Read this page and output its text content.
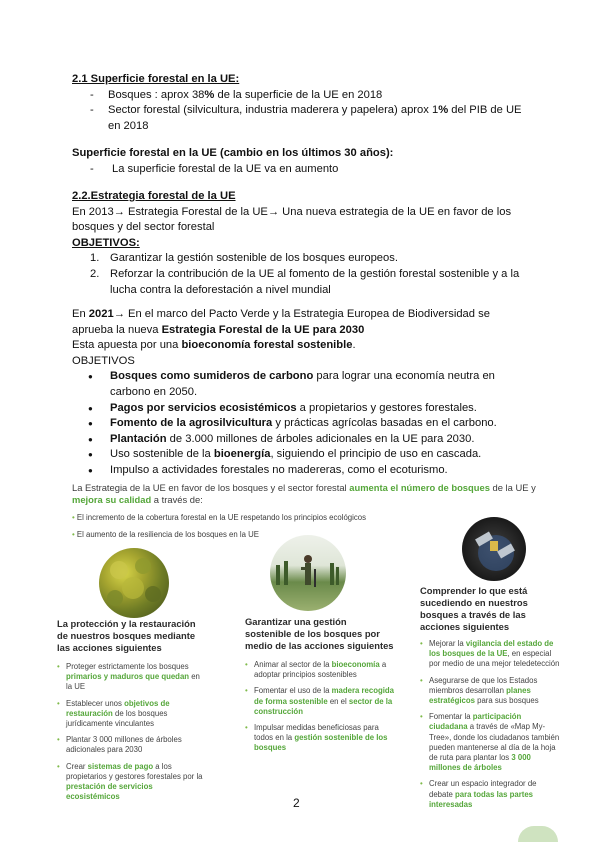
2.1 Superficie forestal en la UE:
- Bosques : aprox 38% de la superficie de la UE en 2018
- Sector forestal (silvicultura, industria maderera y papelera) aprox 1% del PIB de UE en 2018
Superficie forestal en la UE (cambio en los últimos 30 años):
- La superficie forestal de la UE va en aumento
2.2.Estrategia forestal de la UE
En 2013→ Estrategia Forestal de la UE→ Una nueva estrategia de la UE en favor de los bosques y del sector forestal
OBJETIVOS:
1. Garantizar la gestión sostenible de los bosques europeos.
2. Reforzar la contribución de la UE al fomento de la gestión forestal sostenible y a la lucha contra la deforestación a nivel mundial
En 2021→ En el marco del Pacto Verde y la Estrategia Europea de Biodiversidad se aprueba la nueva Estrategia Forestal de la UE para 2030
Esta apuesta por una bioeconomía forestal sostenible.
OBJETIVOS
● Bosques como sumideros de carbono para lograr una economía neutra en carbono en 2050.
● Pagos por servicios ecosistémicos a propietarios y gestores forestales.
● Fomento de la agrosilvicultura y prácticas agrícolas basadas en el carbono.
● Plantación de 3.000 millones de árboles adicionales en la UE para 2030.
● Uso sostenible de la bioenergía, siguiendo el principio de uso en cascada.
● Impulso a actividades forestales no madereras, como el ecoturismo.
La Estrategia de la UE en favor de los bosques y el sector forestal aumenta el número de bosques de la UE y mejora su calidad a través de:
• El incremento de la cobertura forestal en la UE respetando los principios ecológicos
• El aumento de la resiliencia de los bosques en la UE
La protección y la restauración de nuestros bosques mediante las acciones siguientes
• Proteger estrictamente los bosques primarios y maduros que quedan en la UE
• Establecer unos objetivos de restauración de los bosques jurídicamente vinculantes
• Plantar 3 000 millones de árboles adicionales para 2030
• Crear sistemas de pago a los propietarios y gestores forestales por la prestación de servicios ecosistémicos
Garantizar una gestión sostenible de los bosques por medio de las acciones siguientes
• Animar al sector de la bioeconomía a adoptar principios sostenibles
• Fomentar el uso de la madera recogida de forma sostenible en el sector de la construcción
• Impulsar medidas beneficiosas para todos en la gestión sostenible de los bosques
Comprender lo que está sucediendo en nuestros bosques a través de las acciones siguientes
• Mejorar la vigilancia del estado de los bosques de la UE, en especial por medio de una mejor teledetección
• Asegurarse de que los Estados miembros desarrollan planes estratégicos para sus bosques
• Fomentar la participación ciudadana a través de «Map My-Tree», donde los ciudadanos también pueden mantenerse al día de la hoja de ruta para plantar los 3 000 millones de árboles
• Crear un espacio integrador de debate para todas las partes interesadas
2
